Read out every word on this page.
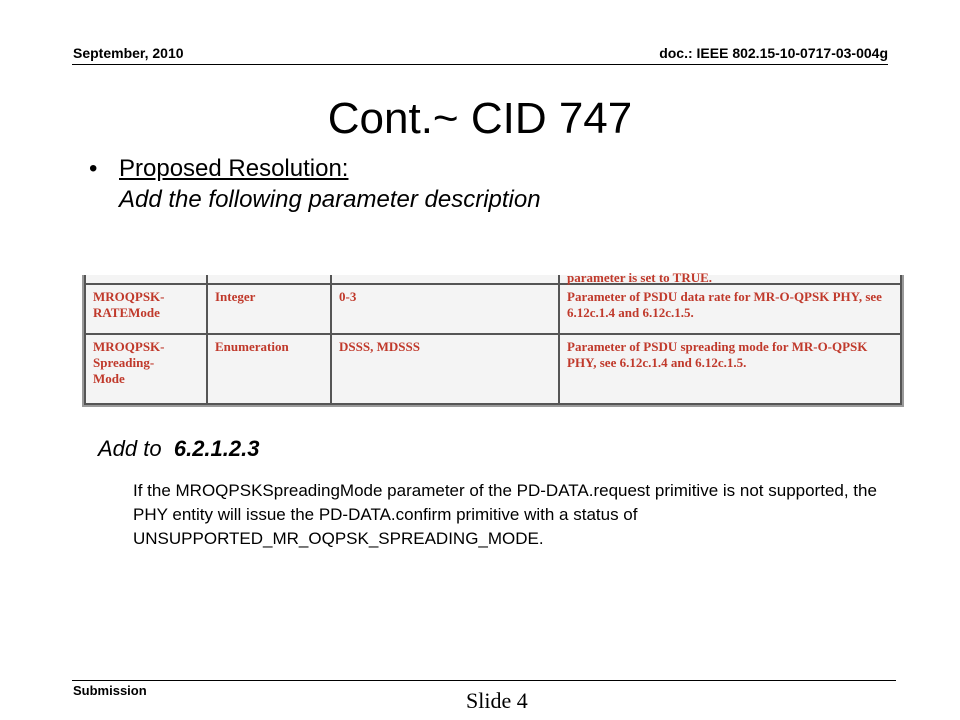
September, 2010	doc.: IEEE 802.15-10-0717-03-004g
Cont.~ CID 747
• Proposed Resolution:
Add the following parameter description

			parameter is set to TRUE.

MROQPSK-
RATEMode	Integer	0-3	Parameter of PSDU data rate for MR-O-QPSK PHY, see 6.12c.1.4 and 6.12c.1.5.
MROQPSK-
Spreading-
Mode	Enumeration	DSSS, MDSSS	Parameter of PSDU spreading mode for MR-O-QPSK PHY, see 6.12c.1.4 and 6.12c.1.5.
Add to 6.2.1.2.3
If the MROQPSKSpreadingMode parameter of the PD-DATA.request primitive is not supported, the PHY entity will issue the PD-DATA.confirm primitive with a status of UNSUPPORTED_MR_OQPSK_SPREADING_MODE.
Submission	Slide 4
